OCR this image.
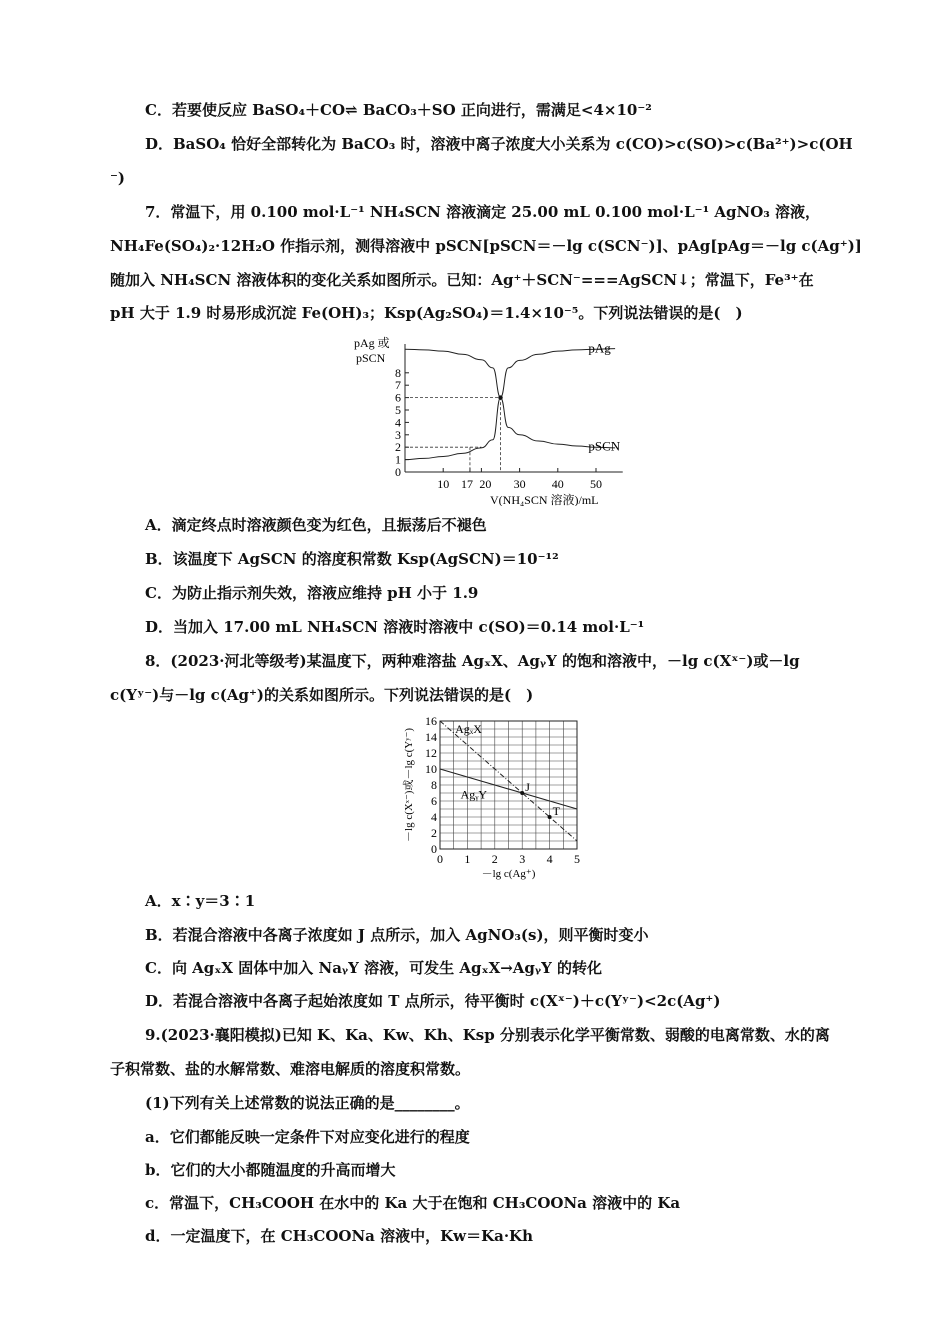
C．若要使反应 BaSO₄＋CO⇌ BaCO₃＋SO 正向进行，需满足<4×10⁻²
D．BaSO₄ 恰好全部转化为 BaCO₃ 时，溶液中离子浓度大小关系为 c(CO)>c(SO)>c(Ba²⁺)>c(OH
⁻)
7．常温下，用 0.100 mol·L⁻¹ NH₄SCN 溶液滴定 25.00 mL 0.100 mol·L⁻¹ AgNO₃ 溶液，
NH₄Fe(SO₄)₂·12H₂O 作指示剂，测得溶液中 pSCN[pSCN＝－lg c(SCN⁻)]、pAg[pAg＝－lg c(Ag⁺)]
随加入 NH₄SCN 溶液体积的变化关系如图所示。已知：Ag⁺＋SCN⁻===AgSCN↓；常温下，Fe³⁺在
pH 大于 1.9 时易形成沉淀 Fe(OH)₃；Ksp(Ag₂SO₄)＝1.4×10⁻⁵。下列说法错误的是(　)
pAg 或
pSCN
0
1
2
3
4
5
6
7
8
10 17 20 30 40 50
V(NH₄SCN 溶液)/mL
pAg
pSCN
A．滴定终点时溶液颜色变为红色，且振荡后不褪色
B．该温度下 AgSCN 的溶度积常数 Ksp(AgSCN)＝10⁻¹²
C．为防止指示剂失效，溶液应维持 pH 小于 1.9
D．当加入 17.00 mL NH₄SCN 溶液时溶液中 c(SO)＝0.14 mol·L⁻¹
8．(2023·河北等级考)某温度下，两种难溶盐 AgₓX、AgᵧY 的饱和溶液中，－lg c(Xˣ⁻)或－lg
c(Yʸ⁻)与－lg c(Ag⁺)的关系如图所示。下列说法错误的是(　)
0
2
4
6
8
10
12
14
16
0 1 2 3 4 5
－lg c(Ag⁺)
－lg c(Xˣ⁻)或－lg c(Yʸ⁻)	AgₓX
AgᵧY
J
T
A．x∶y＝3∶1
B．若混合溶液中各离子浓度如 J 点所示，加入 AgNO₃(s)，则平衡时变小
C．向 AgₓX 固体中加入 NaᵧY 溶液，可发生 AgₓX→AgᵧY 的转化
D．若混合溶液中各离子起始浓度如 T 点所示，待平衡时 c(Xˣ⁻)＋c(Yʸ⁻)<2c(Ag⁺)
9.(2023·襄阳模拟)已知 K、Ka、Kw、Kh、Ksp 分别表示化学平衡常数、弱酸的电离常数、水的离
子积常数、盐的水解常数、难溶电解质的溶度积常数。
(1)下列有关上述常数的说法正确的是________。
a．它们都能反映一定条件下对应变化进行的程度
b．它们的大小都随温度的升高而增大
c．常温下，CH₃COOH 在水中的 Ka 大于在饱和 CH₃COONa 溶液中的 Ka
d．一定温度下，在 CH₃COONa 溶液中，Kw＝Ka·Kh
